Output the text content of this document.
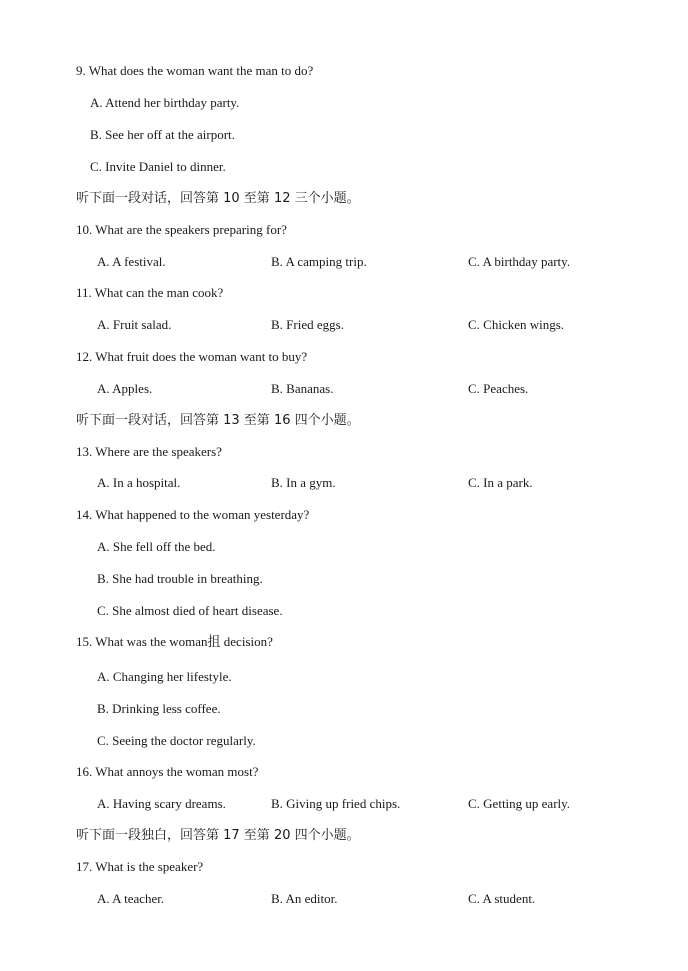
9. What does the woman want the man to do?
A. Attend her birthday party.
B. See her off at the airport.
C. Invite Daniel to dinner.
听下面一段对话，回答第 10 至第 12 三个小题。
10. What are the speakers preparing for?
A. A festival.	B. A camping trip.	C. A birthday party.
11. What can the man cook?
A. Fruit salad.	B. Fried eggs.	C. Chicken wings.
12. What fruit does the woman want to buy?
A. Apples.	B. Bananas.	C. Peaches.
听下面一段对话，回答第 13 至第 16 四个小题。
13. Where are the speakers?
A. In a hospital.	B. In a gym.	C. In a park.
14. What happened to the woman yesterday?
A. She fell off the bed.
B. She had trouble in breathing.
C. She almost died of heart disease.
15. What was the woman抯 decision?
A. Changing her lifestyle.
B. Drinking less coffee.
C. Seeing the doctor regularly.
16. What annoys the woman most?
A. Having scary dreams.	B. Giving up fried chips.	C. Getting up early.
听下面一段独白，回答第 17 至第 20 四个小题。
17. What is the speaker?
A. A teacher.	B. An editor.	C. A student.
